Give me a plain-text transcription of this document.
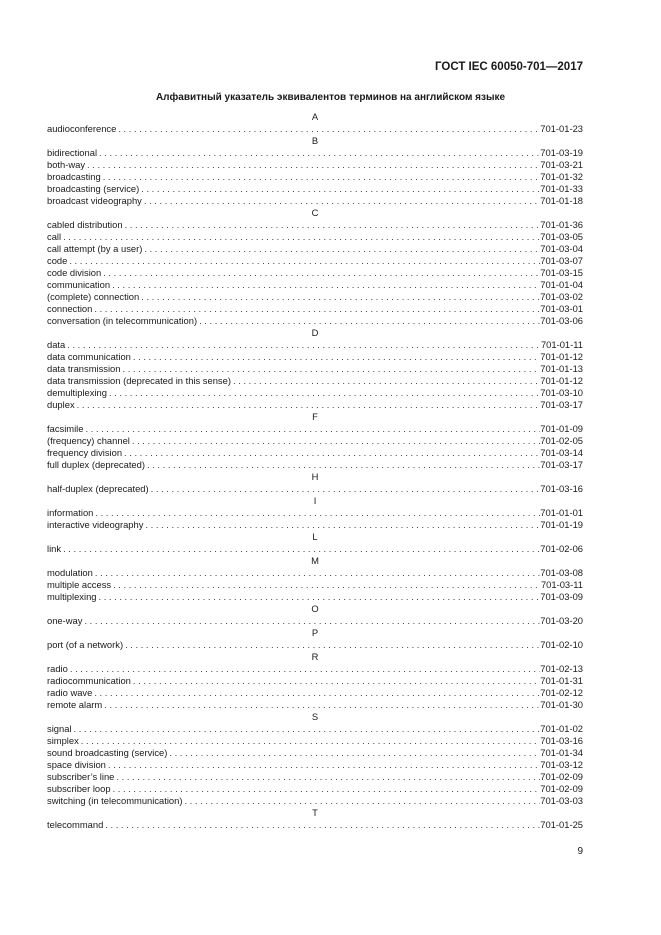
ГОСТ IEC 60050-701—2017
Алфавитный указатель эквивалентов терминов на английском языке
A
audioconference . . .	701-01-23
B
bidirectional . . .	701-03-19
both-way . . .	701-03-21
broadcasting . . .	701-01-32
broadcasting (service) . . .	701-01-33
broadcast videography . . .	701-01-18
C
cabled distribution . . .	701-01-36
call . . .	701-03-05
call attempt (by a user) . . .	701-03-04
code . . .	701-03-07
code division . . .	701-03-15
communication . . .	701-01-04
(complete) connection . . .	701-03-02
connection . . .	701-03-01
conversation (in telecommunication) . . .	701-03-06
D
data . . .	701-01-11
data communication . . .	701-01-12
data transmission . . .	701-01-13
data transmission (deprecated in this sense) . . .	701-01-12
demultiplexing . . .	701-03-10
duplex . . .	701-03-17
F
facsimile . . .	701-01-09
(frequency) channel . . .	701-02-05
frequency division . . .	701-03-14
full duplex (deprecated) . . .	701-03-17
H
half-duplex (deprecated) . . .	701-03-16
I
information . . .	701-01-01
interactive videography . . .	701-01-19
L
link . . .	701-02-06
M
modulation . . .	701-03-08
multiple access . . .	701-03-11
multiplexing . . .	701-03-09
O
one-way . . .	701-03-20
P
port (of a network) . . .	701-02-10
R
radio . . .	701-02-13
radiocommunication . . .	701-01-31
radio wave . . .	701-02-12
remote alarm . . .	701-01-30
S
signal . . .	701-01-02
simplex . . .	701-03-16
sound broadcasting (service) . . .	701-01-34
space division . . .	701-03-12
subscriber’s line . . .	701-02-09
subscriber loop . . .	701-02-09
switching (in telecommunication) . . .	701-03-03
T
telecommand . . .	701-01-25
9
